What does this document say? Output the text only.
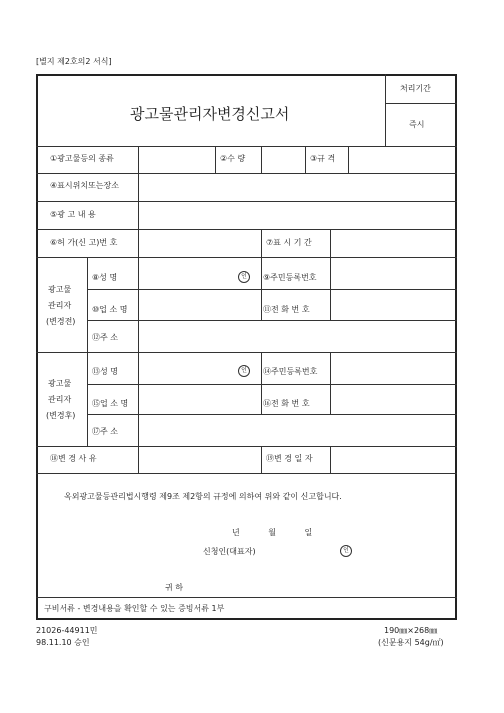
[별지 제2호의2 서식]
광고물관리자변경신고서
처리기간
즉시
①광고물등의 종류	②수 량	③규 격
④표시위치또는장소
⑤광 고 내 용
⑥허 가(신 고)번 호	⑦표 시 기 간
광고물
관리자
(변경전)
⑧성 명	인	⑨주민등록번호
⑩업 소 명	⑪전 화 번 호
⑫주 소
광고물
관리자
(변경후)
⑬성 명	인	⑭주민등록번호
⑮업 소 명	⑯전 화 번 호
⑰주 소
⑱변 경 사 유	⑲변 경 일 자
옥외광고물등관리법시행령 제9조 제2항의 규정에 의하여 위와 같이 신고합니다.
년 월 일
신청인(대표자)	인
귀 하
구비서류 - 변경내용을 확인할 수 있는 증빙서류 1부
21026-44911민
98.11.10 승인
190㎜×268㎜
(신문용지 54g/㎡)
